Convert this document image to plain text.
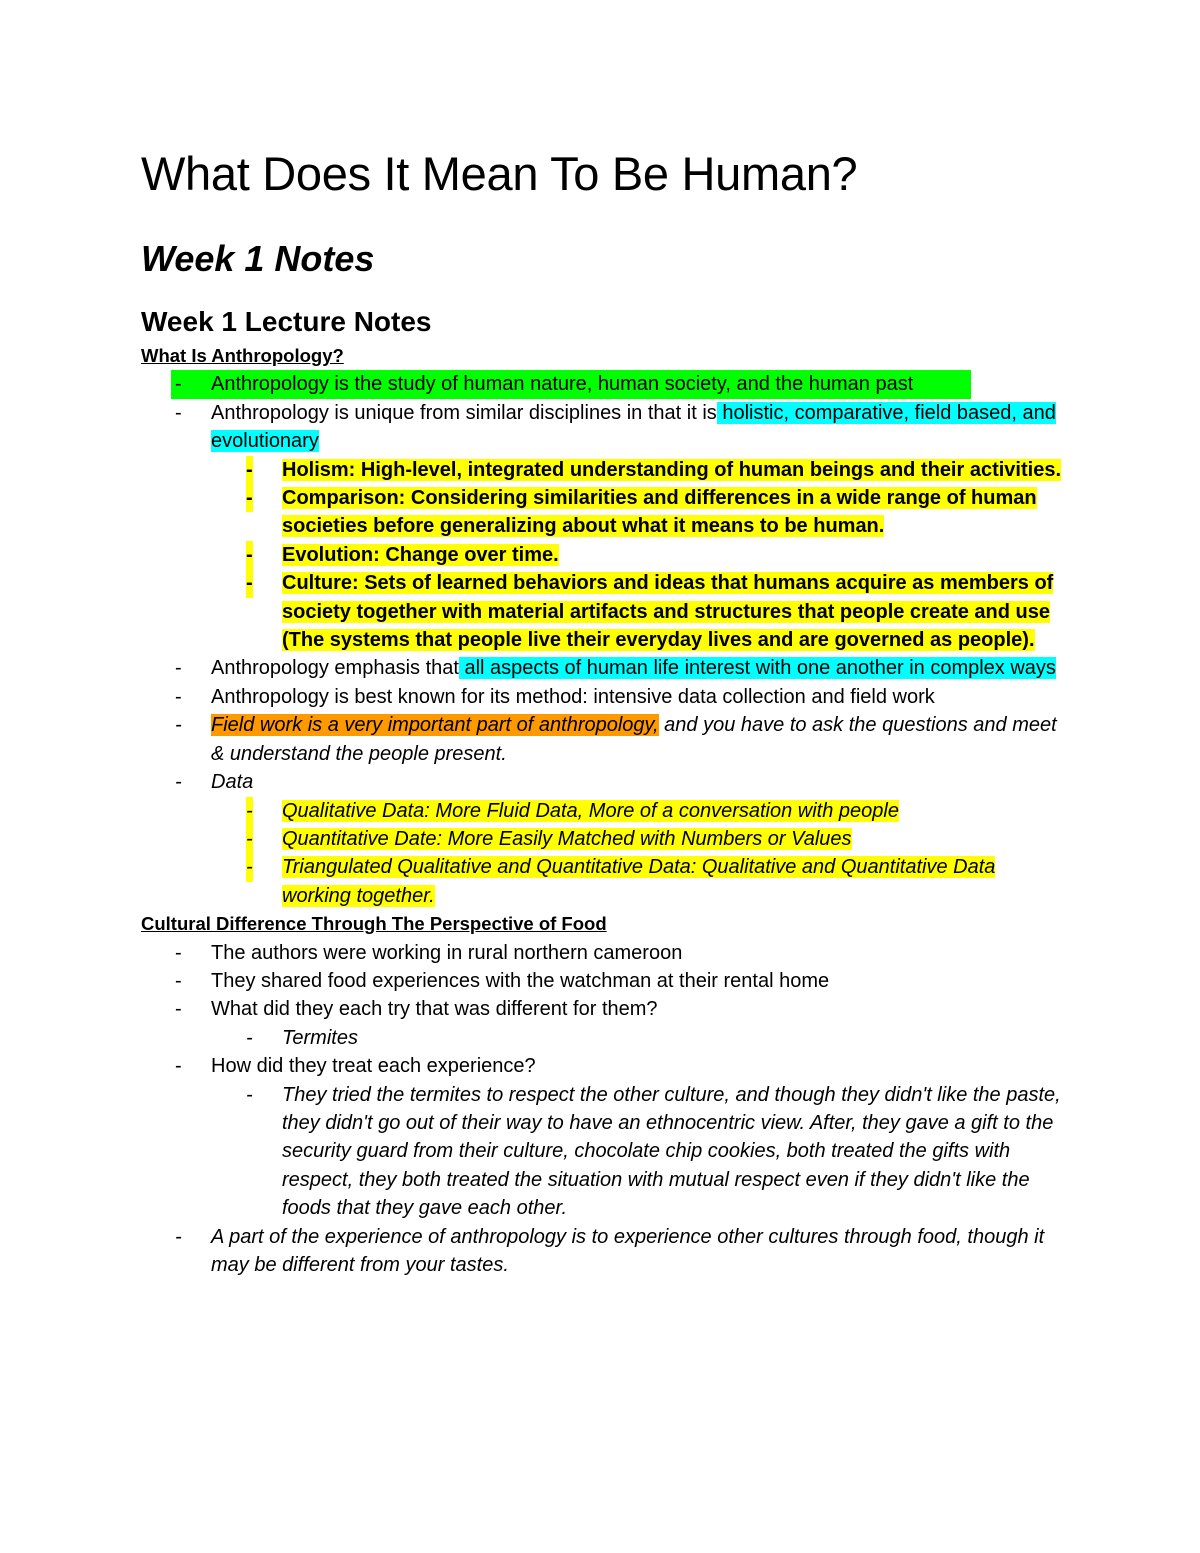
What Does It Mean To Be Human?
Week 1 Notes
Week 1 Lecture Notes

What Is Anthropology?

- Anthropology is the study of human nature, human society, and the human past
- Anthropology is unique from similar disciplines in that it is holistic, comparative, field based, and evolutionary
- Holism: High-level, integrated understanding of human beings and their activities.
- Comparison: Considering similarities and differences in a wide range of human societies before generalizing about what it means to be human.
- Evolution: Change over time.
- Culture: Sets of learned behaviors and ideas that humans acquire as members of society together with material artifacts and structures that people create and use (The systems that people live their everyday lives and are governed as people).
- Anthropology emphasis that all aspects of human life interest with one another in complex ways
- Anthropology is best known for its method: intensive data collection and field work
- Field work is a very important part of anthropology, and you have to ask the questions and meet & understand the people present.
- Data
- Qualitative Data: More Fluid Data, More of a conversation with people
- Quantitative Date: More Easily Matched with Numbers or Values
- Triangulated Qualitative and Quantitative Data: Qualitative and Quantitative Data working together.

Cultural Difference Through The Perspective of Food

- The authors were working in rural northern cameroon
- They shared food experiences with the watchman at their rental home
- What did they each try that was different for them?
- Termites
- How did they treat each experience?
- They tried the termites to respect the other culture, and though they didn't like the paste, they didn't go out of their way to have an ethnocentric view. After, they gave a gift to the security guard from their culture, chocolate chip cookies, both treated the gifts with respect, they both treated the situation with mutual respect even if they didn't like the foods that they gave each other.
- A part of the experience of anthropology is to experience other cultures through food, though it may be different from your tastes.
